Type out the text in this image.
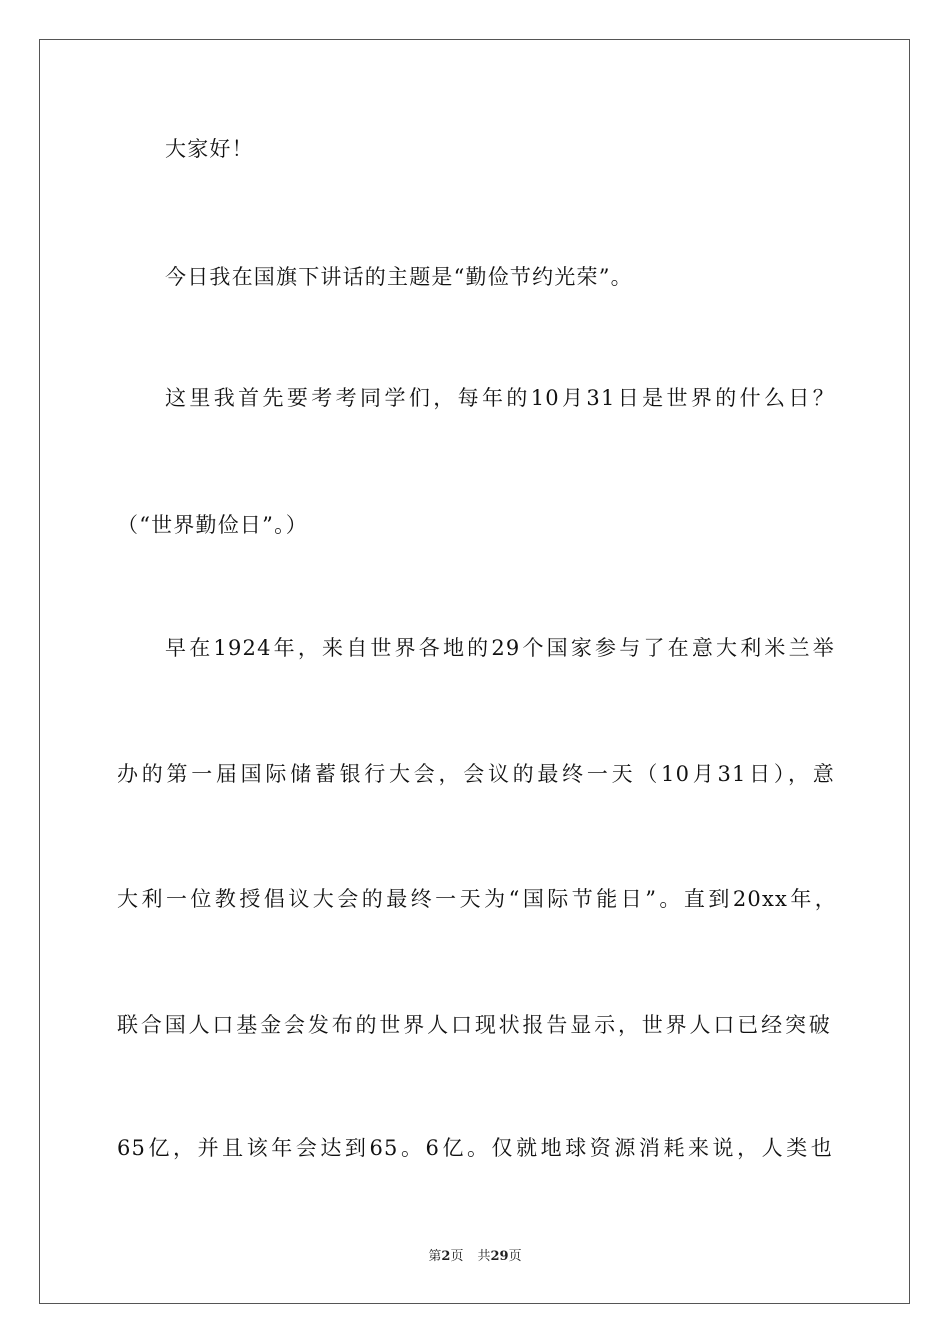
大家好！
今日我在国旗下讲话的主题是“勤俭节约光荣”。
这里我首先要考考同学们，每年的10月31日是世界的什么日？
（“世界勤俭日”。）
早在1924年，来自世界各地的29个国家参与了在意大利米兰举
办的第一届国际储蓄银行大会，会议的最终一天（10月31日），意
大利一位教授倡议大会的最终一天为“国际节能日”。直到20xx年，
联合国人口基金会发布的世界人口现状报告显示，世界人口已经突破
65亿，并且该年会达到65。6亿。仅就地球资源消耗来说，人类也
第2页 共29页
